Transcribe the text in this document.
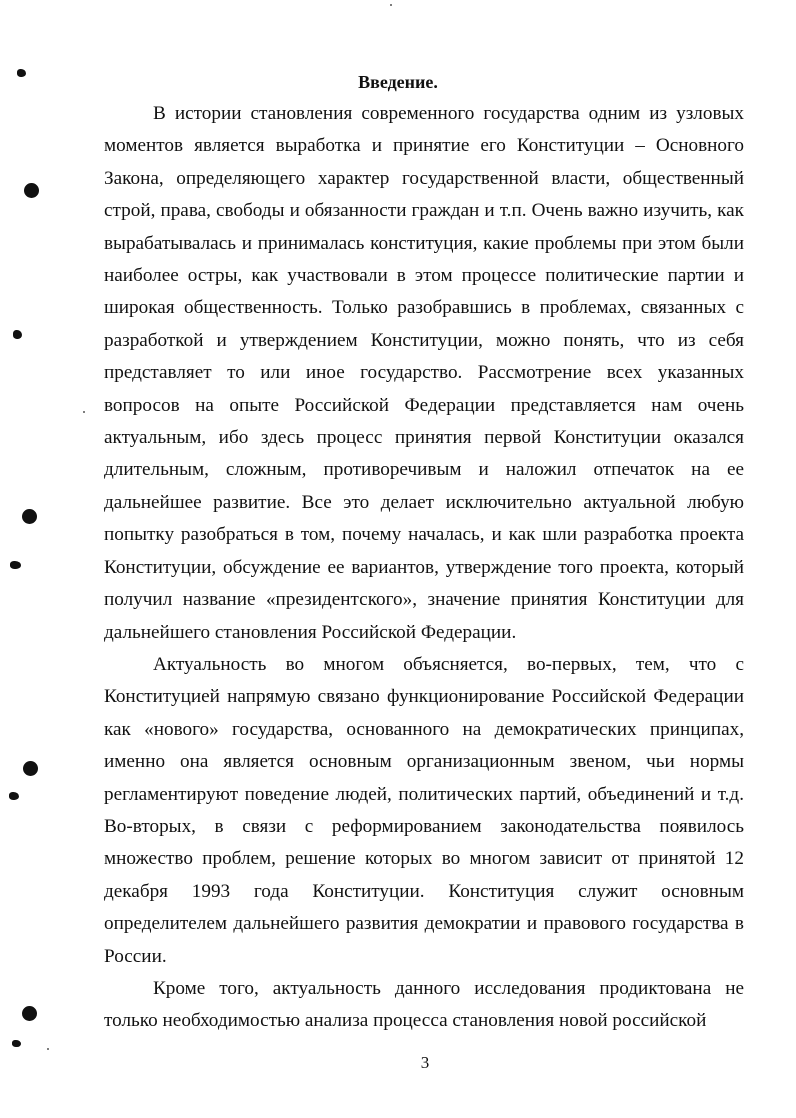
Введение.

В истории становления современного государства одним из узловых моментов является выработка и принятие его Конституции – Основного Закона, определяющего характер государственной власти, общественный строй, права, свободы и обязанности граждан и т.п. Очень важно изучить, как вырабатывалась и принималась конституция, какие проблемы при этом были наиболее остры, как участвовали в этом процессе политические партии и широкая общественность. Только разобравшись в проблемах, связанных с разработкой и утверждением Конституции, можно понять, что из себя представляет то или иное государство. Рассмотрение всех указанных вопросов на опыте Российской Федерации представляется нам очень актуальным, ибо здесь процесс принятия первой Конституции оказался длительным, сложным, противоречивым и наложил отпечаток на ее дальнейшее развитие. Все это делает исключительно актуальной любую попытку разобраться в том, почему началась, и как шли разработка проекта Конституции, обсуждение ее вариантов, утверждение того проекта, который получил название «президентского», значение принятия Конституции для дальнейшего становления Российской Федерации.

Актуальность во многом объясняется, во-первых, тем, что с Конституцией напрямую связано функционирование Российской Федерации как «нового» государства, основанного на демократических принципах, именно она является основным организационным звеном, чьи нормы регламентируют поведение людей, политических партий, объединений и т.д. Во-вторых, в связи с реформированием законодательства появилось множество проблем, решение которых во многом зависит от принятой 12 декабря 1993 года Конституции. Конституция служит основным определителем дальнейшего развития демократии и правового государства в России.

Кроме того, актуальность данного исследования продиктована не только необходимостью анализа процесса становления новой российской

3
